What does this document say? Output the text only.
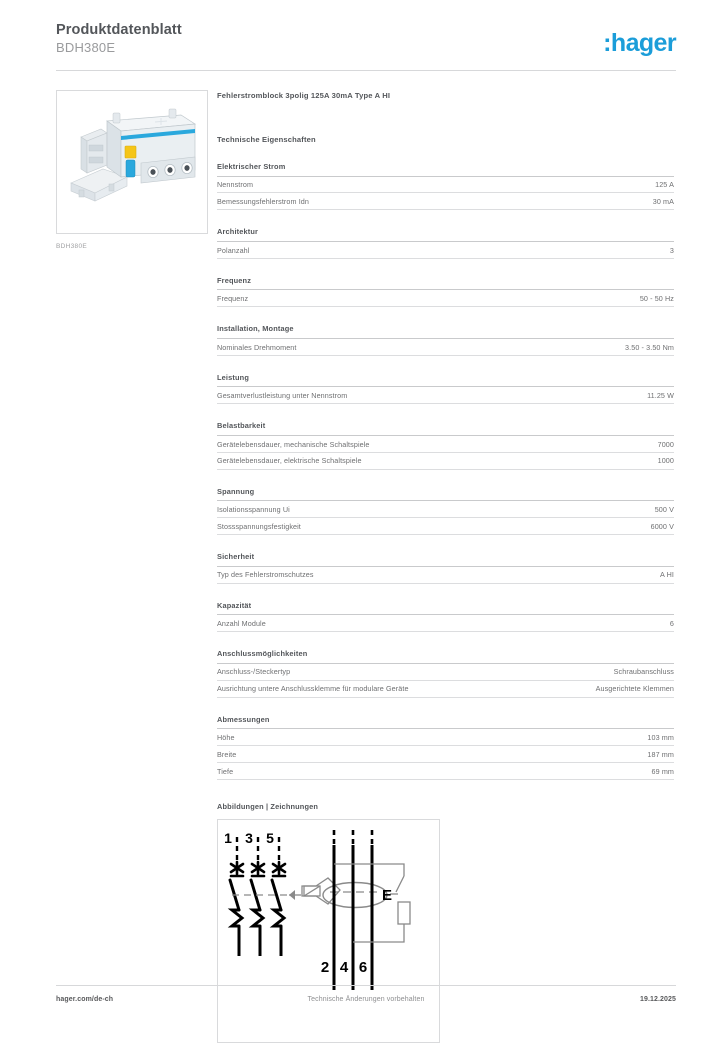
Produktdatenblatt
BDH380E	:hager
BDH380E
Fehlerstromblock 3polig 125A 30mA Type A HI
Technische Eigenschaften
Elektrischer Strom
Nennstrom	125 A
Bemessungsfehlerstrom Idn	30 mA
Architektur
Polanzahl	3
Frequenz
Frequenz	50 - 50 Hz
Installation, Montage
Nominales Drehmoment	3.50 - 3.50 Nm
Leistung
Gesamtverlustleistung unter Nennstrom	11.25 W
Belastbarkeit
Gerätelebensdauer, mechanische Schaltspiele	7000
Gerätelebensdauer, elektrische Schaltspiele	1000
Spannung
Isolationsspannung Ui	500 V
Stossspannungsfestigkeit	6000 V
Sicherheit
Typ des Fehlerstromschutzes	A HI
Kapazität
Anzahl Module	6
Anschlussmöglichkeiten
Anschluss-/Steckertyp	Schraubanschluss
Ausrichtung untere Anschlussklemme für modulare Geräte	Ausgerichtete Klemmen
Abmessungen
Höhe	103 mm
Breite	187 mm
Tiefe	69 mm
Abbildungen | Zeichnungen
1 3 5
E
2 4 6
hager.com/de-ch	Technische Änderungen vorbehalten	19.12.2025
